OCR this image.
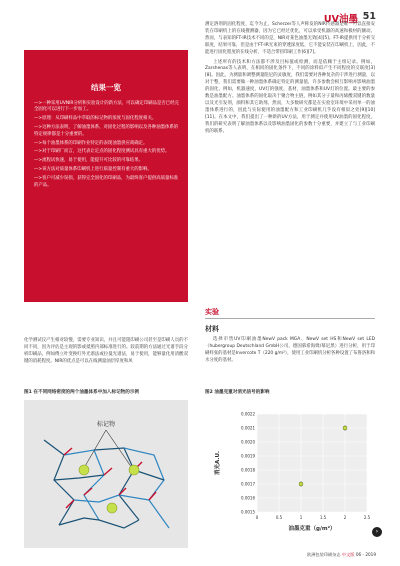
UV油墨 51
结果一览
—>一种采用UVNIR分析和实验设计的新方法，可以确定印刷品是否已经完全固化可以进行下一步加工。
—>原理：从印刷样品中萃取的标记物的浓度与固化程度相关。
—>这种方法表明，了解油墨体系、对固化过程的影响以及各种油墨体系的特定规律都是十分重要的。
—>每个油墨体系的印刷作业特定的表现油墨供应商确定。
—>对于印刷厂而言，这代表让定点的固化程度测试具有重大的优势。
—>流程试快速，易于使用，能提升可比较的可靠结果。
—>该方法对质量体系印刷机上进行质量控制有重大的影响。
—>客户可减少误损，获得完全固化的印刷品，为最终客户提供高质量标准的产品。

测定溶剂的固化程度，迄今为止，Scherzer等人声称发的NIR传感器是唯一可以直接安装在印刷机上的在线搜测器，因为它已经过优化，可以承受机器的高速和极材的颠动。然而，与表知的FT-IR技术不同的是，NIR对某色油墨无效[4][5]。FT-IR提供用于分析交联度，结果可靠，但是由于FT-IR光束的穿透深度低，它不能安装在印刷机上，因此，不能进行固化程度的在线分析，不适合带扭印刷工作[6][7]。

上述所有的技术和方法都不涉及目标值或检测，而是依赖于主组记录。例如，Zarshenas等人表明，在相同的固化条件下，不同的涂料似产生不同程度的交联度[3][8]。因此，为测量和调整测量阻尼的灵敏度，我们需要对各种复杂的干涉进行测量，以对于整，我们需要做一种油墨体系确定特定的测量值，许多参数会相互影响并影响油墨的固化，例如，机器速度，UV灯的强度，基材，油墨体系和UV灯的位置。最主要的参数是油墨配方。油墨体系的固化取决于聚合物主链，例如其分子量和丙烯酸双键的数量以及光引发剂，颜料和其它助剂。然而，大多数研究都是在实验室环境中采用单一的油墨体系进行的，因此与实际使用的油墨配方和工业印刷机几乎没有相似之处[9][10][11]。在本文中，我们提出了一种新的UV方法，用于测定并使用UV油墨的固化程度，我们的研究表明了解油墨体系以及影响油墨固化的参数十分重要，并建立了与工业印刷机的联系。

实验
材料
选择市售UV印刷油墨NewV pack MGA、NewV set HS和NewV set LED（hubergroup Deutschland GmbH公司，德国慕希海姆/慕尼黑）进行分析，用于印刷样张的基材是Invercote T（220 g/m²），使用工业印刷机分析各种设置了布鲁洛和和水分度的基材。
化学测试仪产生相对较慢，需要专业知识，并且可能阻印刷公司甚至是印刷人员的不同不同，因为评估是主观的影或抵照内部标准进行的。较前期的方法通过光谱手段分析印刷品，例如傅立叶变换红外光谱法或拉曼光谱法，易于使用，能够量化用清酸双键的消耗程度。NIR的优点是可以在线测量油层厚度和风
图1 在不同网络密度的两个油墨体系中加入标记物的示例	图2 油墨克重对消光信号的影响
标记物
0.0022
0.0021
0.0020
0.0019
0.0018
0.0017
0.0016
0.0015
0	0.5	1	1.5	2	2.5
消光A.U.
油墨克重（g/m²）	›
欧洲包装印刷杂志 中文版 06 - 2019
